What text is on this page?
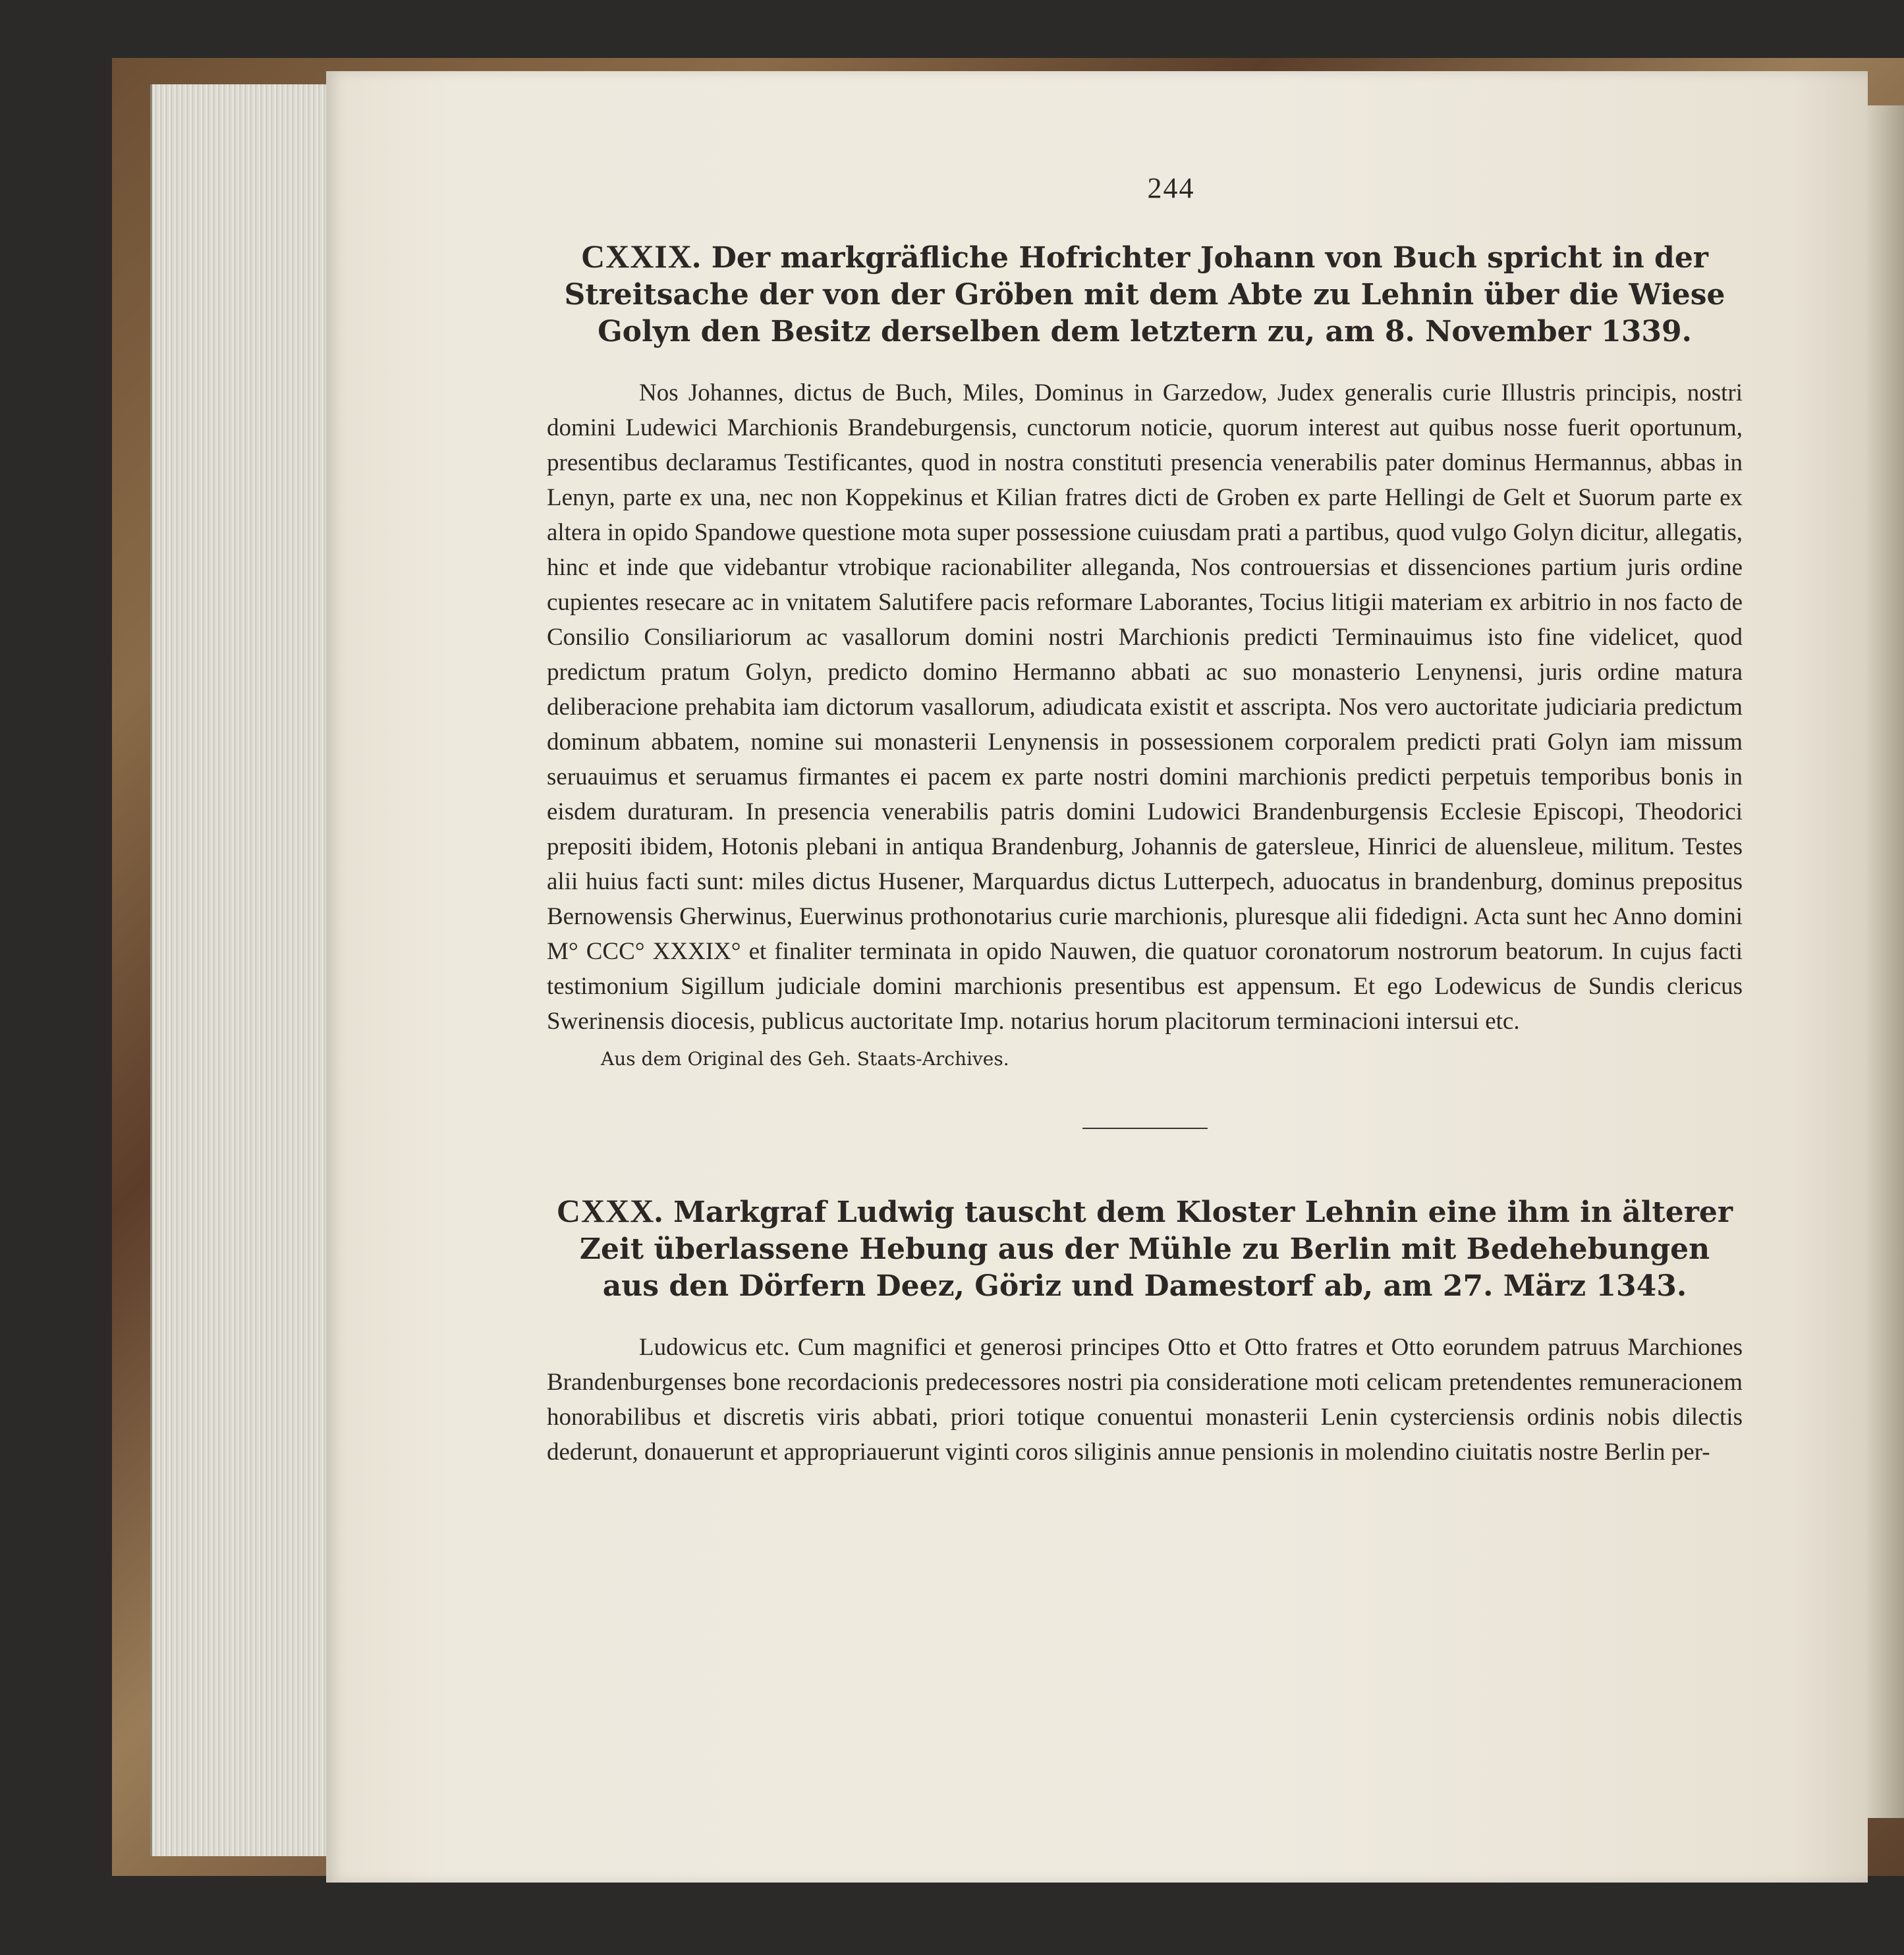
244
CXXIX. Der markgräfliche Hofrichter Johann von Buch spricht in der Streitsache der von der Gröben mit dem Abte zu Lehnin über die Wiese Golyn den Besitz derselben dem letztern zu, am 8. November 1339.

Nos Johannes, dictus de Buch, Miles, Dominus in Garzedow, Judex generalis curie Illustris principis, nostri domini Ludewici Marchionis Brandeburgensis, cunctorum noticie, quorum interest aut quibus nosse fuerit oportunum, presentibus declaramus Testificantes, quod in nostra constituti presencia venerabilis pater dominus Hermannus, abbas in Lenyn, parte ex una, nec non Koppekinus et Kilian fratres dicti de Groben ex parte Hellingi de Gelt et Suorum parte ex altera in opido Spandowe questione mota super possessione cuiusdam prati a partibus, quod vulgo Golyn dicitur, allegatis, hinc et inde que videbantur vtrobique racionabiliter alleganda, Nos controuersias et dissenciones partium juris ordine cupientes resecare ac in vnitatem Salutifere pacis reformare Laborantes, Tocius litigii materiam ex arbitrio in nos facto de Consilio Consiliariorum ac vasallorum domini nostri Marchionis predicti Terminauimus isto fine videlicet, quod predictum pratum Golyn, predicto domino Hermanno abbati ac suo monasterio Lenynensi, juris ordine matura deliberacione prehabita iam dictorum vasallorum, adiudicata existit et asscripta. Nos vero auctoritate judiciaria predictum dominum abbatem, nomine sui monasterii Lenynensis in possessionem corporalem predicti prati Golyn iam missum seruauimus et seruamus firmantes ei pacem ex parte nostri domini marchionis predicti perpetuis temporibus bonis in eisdem duraturam. In presencia venerabilis patris domini Ludowici Brandenburgensis Ecclesie Episcopi, Theodorici prepositi ibidem, Hotonis plebani in antiqua Brandenburg, Johannis de gatersleue, Hinrici de aluensleue, militum. Testes alii huius facti sunt: miles dictus Husener, Marquardus dictus Lutterpech, aduocatus in brandenburg, dominus prepositus Bernowensis Gherwinus, Euerwinus prothonotarius curie marchionis, pluresque alii fidedigni. Acta sunt hec Anno domini M° CCC° XXXIX° et finaliter terminata in opido Nauwen, die quatuor coronatorum nostrorum beatorum. In cujus facti testimonium Sigillum judiciale domini marchionis presentibus est appensum. Et ego Lodewicus de Sundis clericus Swerinensis diocesis, publicus auctoritate Imp. notarius horum placitorum terminacioni intersui etc.

Aus dem Original des Geh. Staats-Archives.
CXXX. Markgraf Ludwig tauscht dem Kloster Lehnin eine ihm in älterer Zeit überlassene Hebung aus der Mühle zu Berlin mit Bedehebungen aus den Dörfern Deez, Göriz und Damestorf ab, am 27. März 1343.

Ludowicus etc. Cum magnifici et generosi principes Otto et Otto fratres et Otto eorundem patruus Marchiones Brandenburgenses bone recordacionis predecessores nostri pia consideratione moti celicam pretendentes remuneracionem honorabilibus et discretis viris abbati, priori totique conuentui monasterii Lenin cysterciensis ordinis nobis dilectis dederunt, donauerunt et appropriauerunt viginti coros siliginis annue pensionis in molendino ciuitatis nostre Berlin per-
